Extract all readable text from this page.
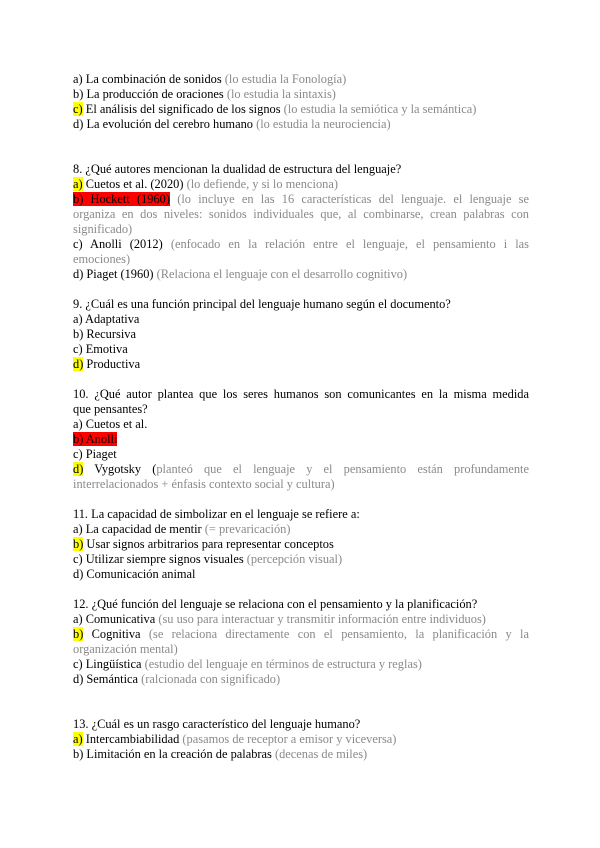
a) La combinación de sonidos (lo estudia la Fonología)
b) La producción de oraciones (lo estudia la sintaxis)
c) El análisis del significado de los signos (lo estudia la semiótica y la semántica)
d) La evolución del cerebro humano (lo estudia la neurociencia)
8. ¿Qué autores mencionan la dualidad de estructura del lenguaje?
a) Cuetos et al. (2020) (lo defiende, y si lo menciona)
b) Hockett (1960) (lo incluye en las 16 características del lenguaje. el lenguaje se
organiza en dos niveles: sonidos individuales que, al combinarse, crean palabras con
significado)
c) Anolli (2012) (enfocado en la relación entre el lenguaje, el pensamiento i las
emociones)
d) Piaget (1960) (Relaciona el lenguaje con el desarrollo cognitivo)
9. ¿Cuál es una función principal del lenguaje humano según el documento?
a) Adaptativa
b) Recursiva
c) Emotiva
d) Productiva
10. ¿Qué autor plantea que los seres humanos son comunicantes en la misma medida
que pensantes?
a) Cuetos et al.
b) Anolli
c) Piaget
d) Vygotsky (planteó que el lenguaje y el pensamiento están profundamente
interrelacionados + énfasis contexto social y cultura)
11. La capacidad de simbolizar en el lenguaje se refiere a:
a) La capacidad de mentir (= prevaricación)
b) Usar signos arbitrarios para representar conceptos
c) Utilizar siempre signos visuales (percepción visual)
d) Comunicación animal
12. ¿Qué función del lenguaje se relaciona con el pensamiento y la planificación?
a) Comunicativa (su uso para interactuar y transmitir información entre individuos)
b) Cognitiva (se relaciona directamente con el pensamiento, la planificación y la
organización mental)
c) Lingüística (estudio del lenguaje en términos de estructura y reglas)
d) Semántica (ralcionada con significado)
13. ¿Cuál es un rasgo característico del lenguaje humano?
a) Intercambiabilidad (pasamos de receptor a emisor y viceversa)
b) Limitación en la creación de palabras (decenas de miles)
